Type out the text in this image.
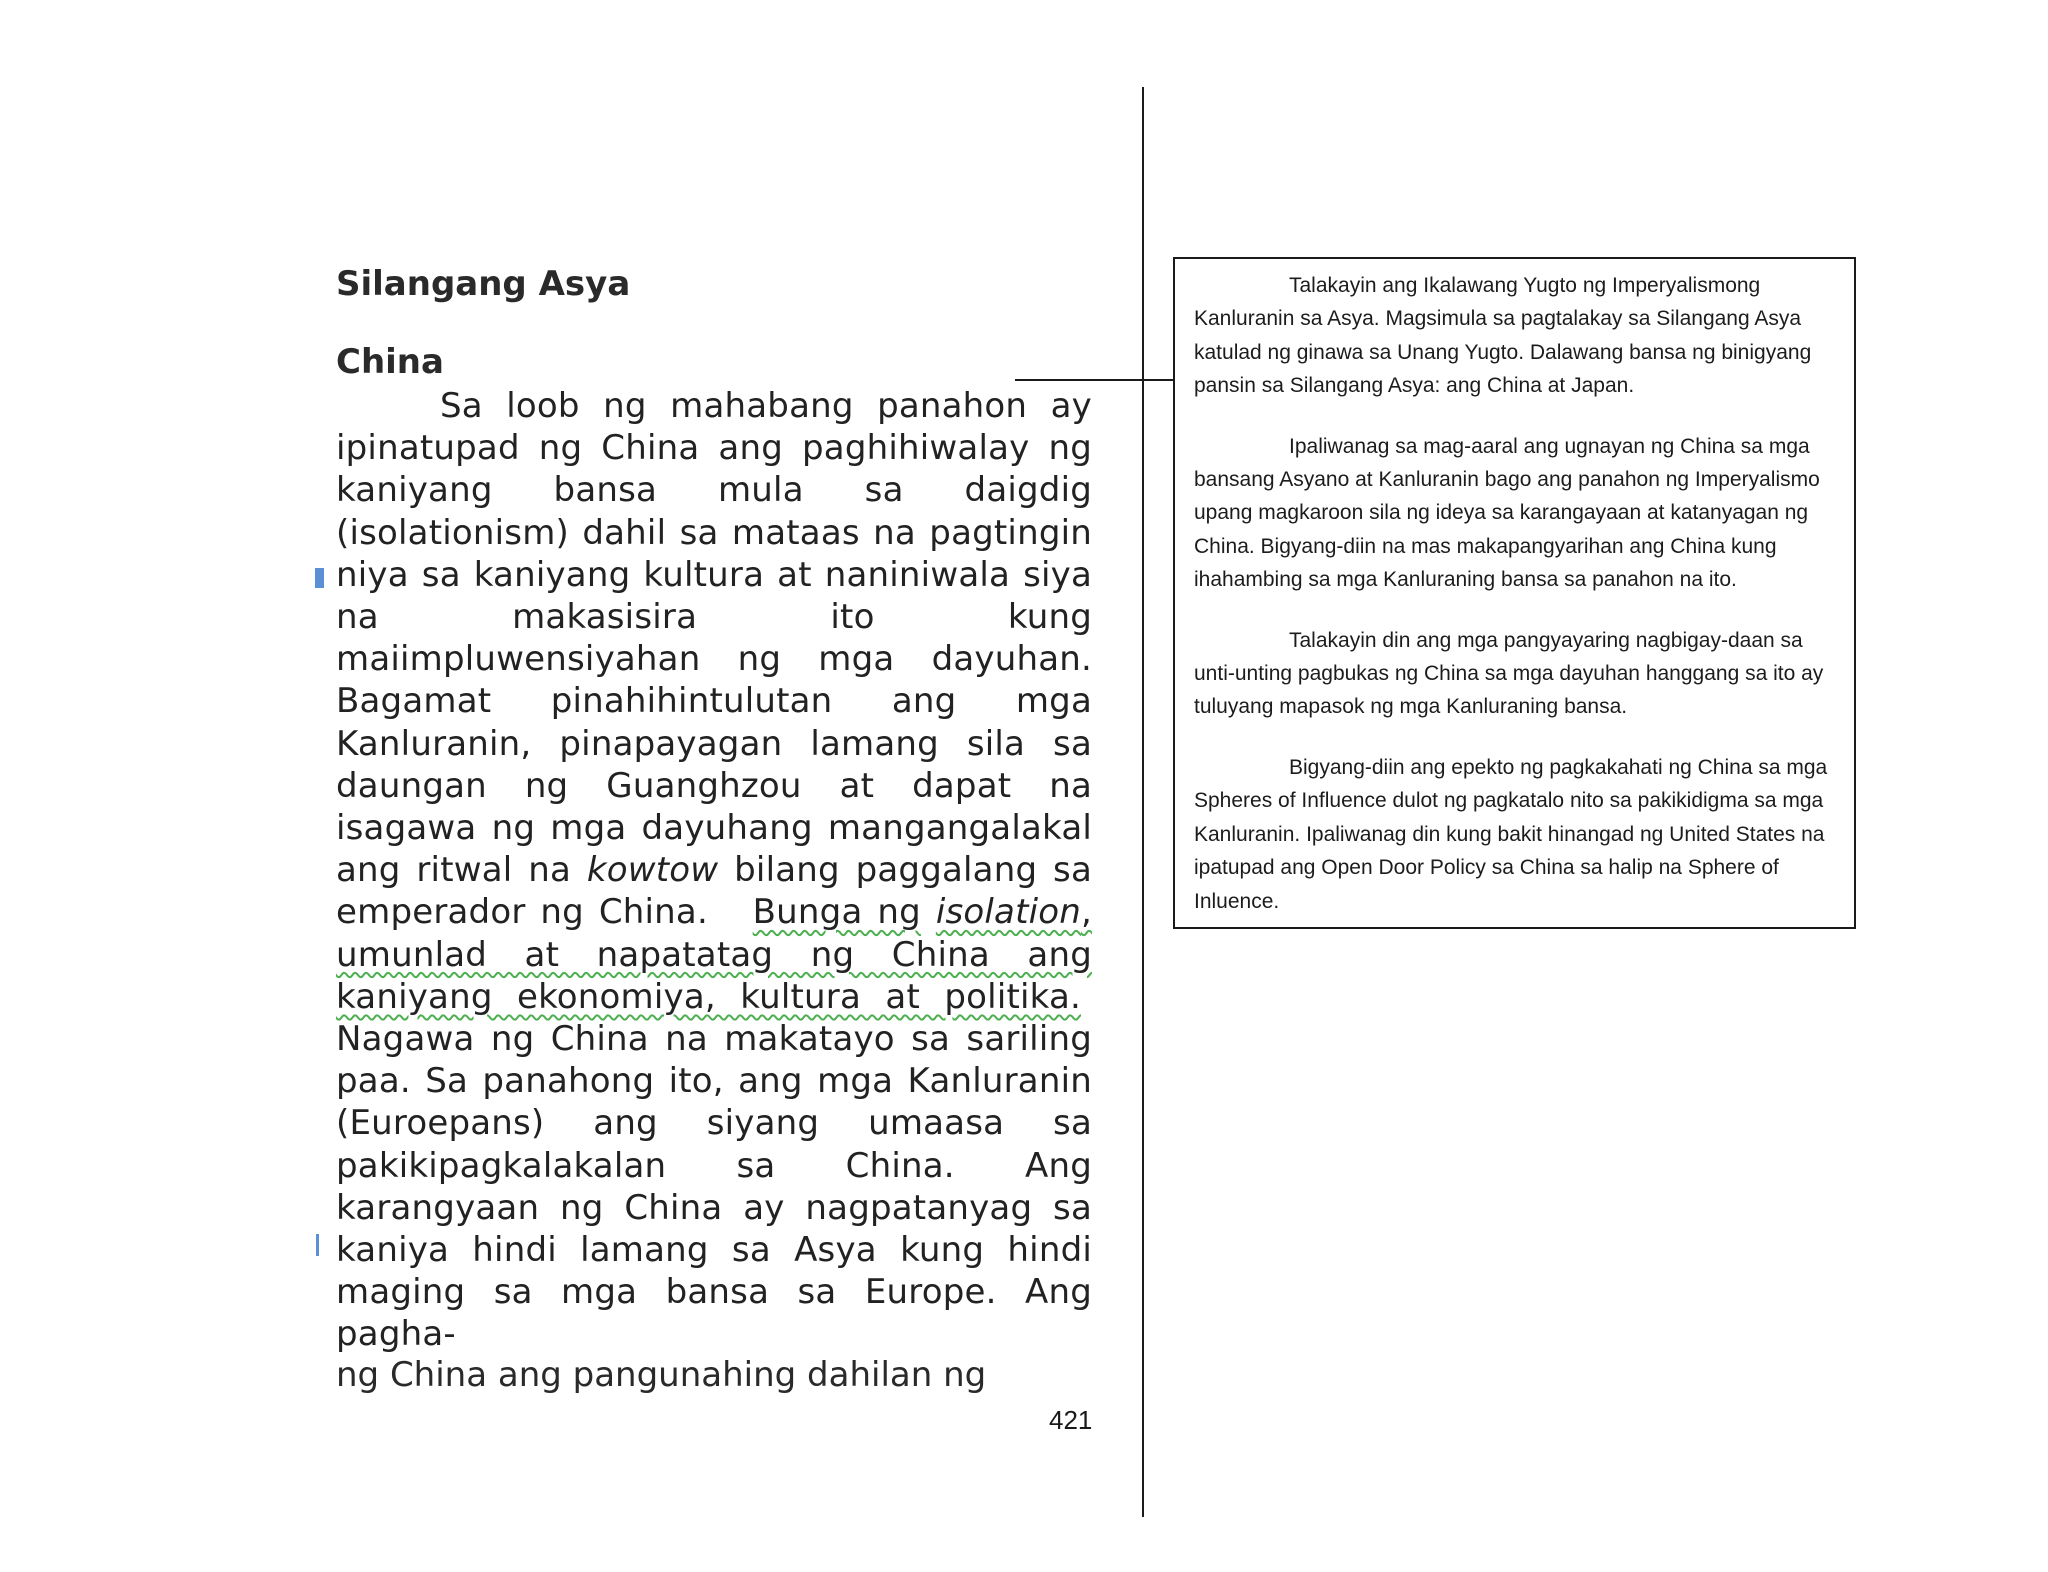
Silangang Asya
China

Sa loob ng mahabang panahon ay ipinatupad ng China ang paghihiwalay ng kaniyang bansa mula sa daigdig (isolationism) dahil sa mataas na pagtingin niya sa kaniyang kultura at naniniwala siya na makasisira ito kung maiimpluwensiyahan ng mga dayuhan. Bagamat pinahihintulutan ang mga Kanluranin, pinapayagan lamang sila sa daungan ng Guanghzou at dapat na isagawa ng mga dayuhang mangangalakal ang ritwal na kowtow bilang paggalang sa emperador ng China. Bunga ng isolation, umunlad at napatatag ng China ang kaniyang ekonomiya, kultura at politika.  Nagawa ng China na makatayo sa sariling paa. Sa panahong ito, ang mga Kanluranin (Euroepans) ang siyang umaasa sa pakikipagkalakalan sa China. Ang karangyaan ng China ay nagpatanyag sa kaniya hindi lamang sa Asya kung hindi maging sa mga bansa sa Europe. Ang pagha-

ng China ang pangunahing dahilan ng

Talakayin ang Ikalawang Yugto ng Imperyalismong Kanluranin sa Asya. Magsimula sa pagtalakay sa Silangang Asya katulad ng ginawa sa Unang Yugto. Dalawang bansa ng binigyang pansin sa Silangang Asya: ang China at Japan.

Ipaliwanag sa mag-aaral ang ugnayan ng China sa mga bansang Asyano at Kanluranin bago ang panahon ng Imperyalismo upang magkaroon sila ng ideya sa karangayaan at katanyagan ng China. Bigyang-diin na mas makapangyarihan ang China kung ihahambing sa mga Kanluraning bansa sa panahon na ito.

Talakayin din ang mga pangyayaring nagbigay-daan sa unti-unting pagbukas ng China sa mga dayuhan hanggang sa ito ay tuluyang mapasok ng mga Kanluraning bansa.

Bigyang-diin ang epekto ng pagkakahati ng China sa mga Spheres of Influence dulot ng pagkatalo nito sa pakikidigma sa mga Kanluranin. Ipaliwanag din kung bakit hinangad ng United States na ipatupad ang Open Door Policy sa China sa halip na Sphere of Inluence.

421
